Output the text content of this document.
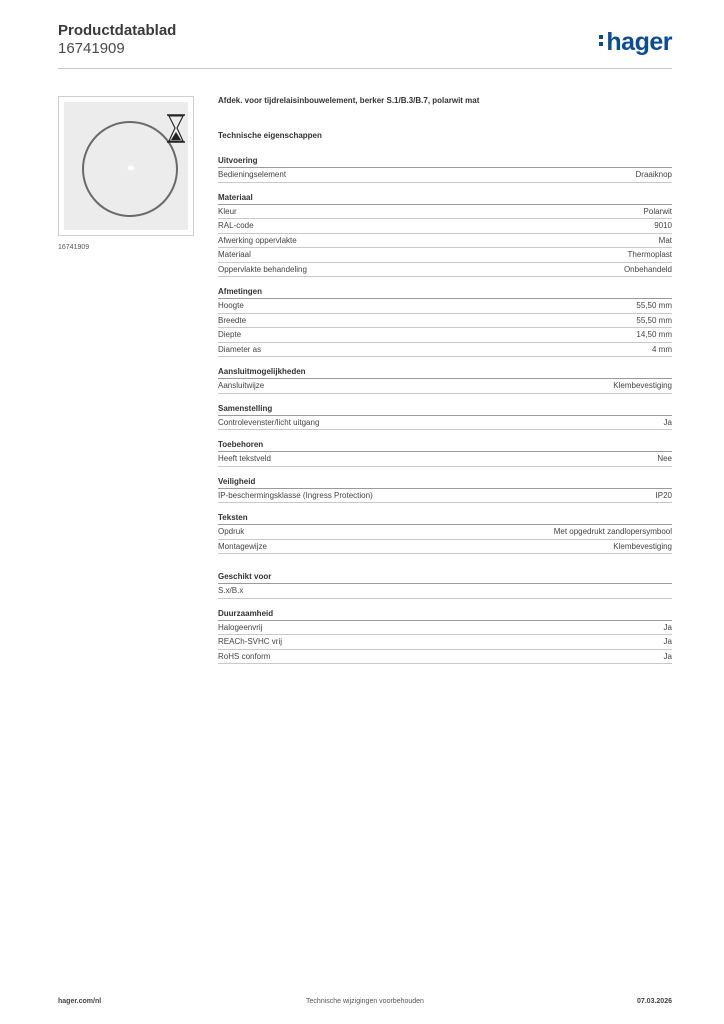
Productdatablad
16741909	hager
16741909
Afdek. voor tijdrelaisinbouwelement, berker S.1/B.3/B.7, polarwit mat
Technische eigenschappen
Uitvoering
Bedieningselement	Draaiknop
Materiaal
Kleur	Polarwit
RAL-code	9010
Afwerking oppervlakte	Mat
Materiaal	Thermoplast
Oppervlakte behandeling	Onbehandeld
Afmetingen
Hoogte	55,50 mm
Breedte	55,50 mm
Diepte	14,50 mm
Diameter as	4 mm
Aansluitmogelijkheden
Aansluitwijze	Klembevestiging
Samenstelling
Controlevenster/licht uitgang	Ja
Toebehoren
Heeft tekstveld	Nee
Veiligheid
IP-beschermingsklasse (Ingress Protection)	IP20
Teksten
Opdruk	Met opgedrukt zandlopersymbool
Montagewijze	Klembevestiging
Geschikt voor
S.x/B.x
Duurzaamheid
Halogeenvrij	Ja
REACh-SVHC vrij	Ja
RoHS conform	Ja
hager.com/nl	Technische wijzigingen voorbehouden	07.03.2026
